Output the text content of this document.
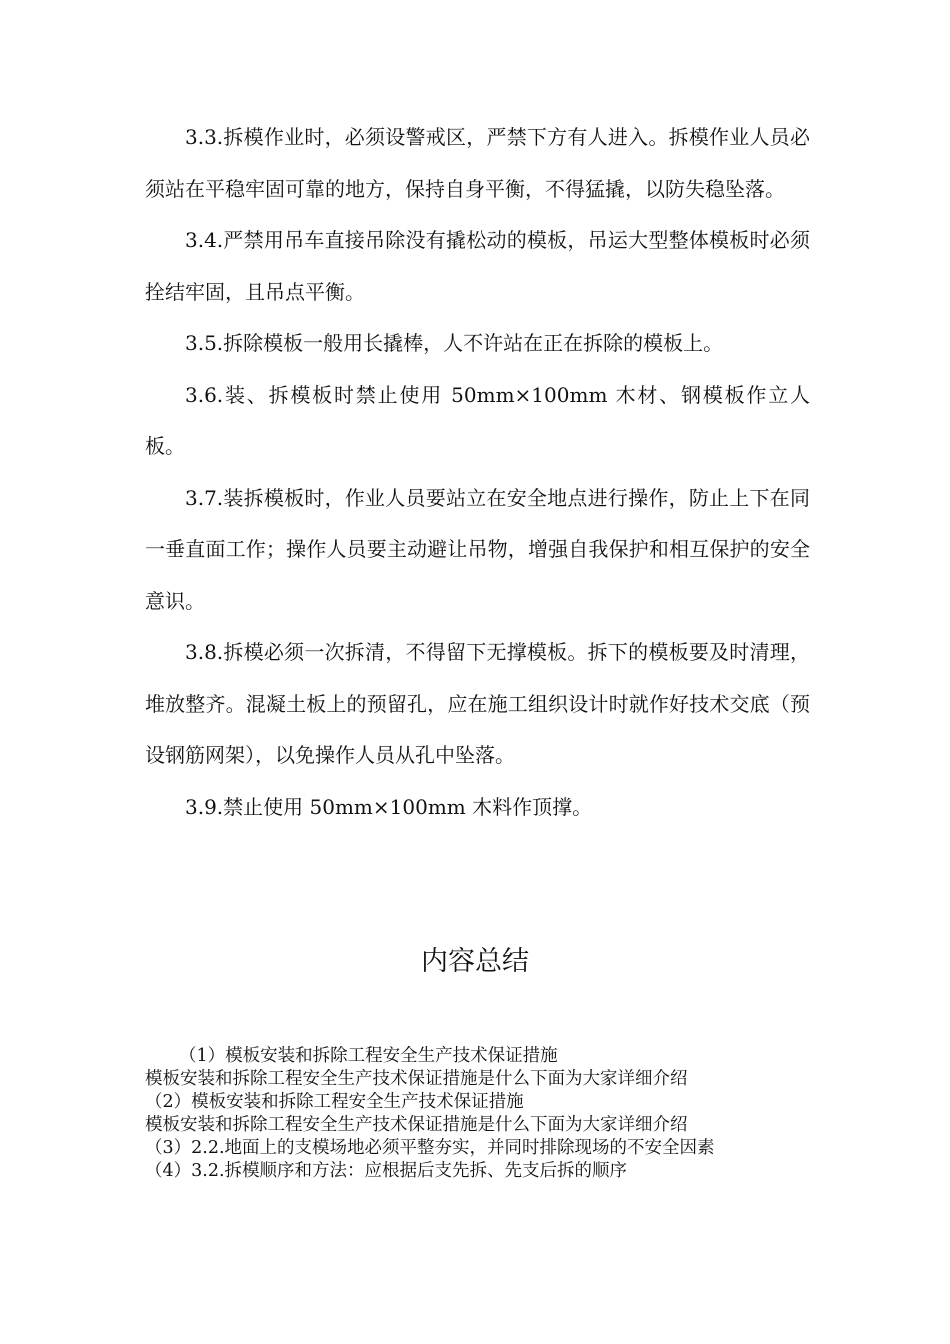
3.3.拆模作业时，必须设警戒区，严禁下方有人进入。拆模作业人员必须站在平稳牢固可靠的地方，保持自身平衡，不得猛撬，以防失稳坠落。

3.4.严禁用吊车直接吊除没有撬松动的模板，吊运大型整体模板时必须拴结牢固，且吊点平衡。

3.5.拆除模板一般用长撬棒，人不许站在正在拆除的模板上。

3.6.装、拆模板时禁止使用 50mm×100mm 木材、钢模板作立人板。

3.7.装拆模板时，作业人员要站立在安全地点进行操作，防止上下在同一垂直面工作；操作人员要主动避让吊物，增强自我保护和相互保护的安全意识。

3.8.拆模必须一次拆清，不得留下无撑模板。拆下的模板要及时清理，堆放整齐。混凝土板上的预留孔，应在施工组织设计时就作好技术交底（预设钢筋网架），以免操作人员从孔中坠落。

3.9.禁止使用 50mm×100mm 木料作顶撑。

内容总结

（1）模板安装和拆除工程安全生产技术保证措施

模板安装和拆除工程安全生产技术保证措施是什么下面为大家详细介绍

（2）模板安装和拆除工程安全生产技术保证措施

模板安装和拆除工程安全生产技术保证措施是什么下面为大家详细介绍

（3）2.2.地面上的支模场地必须平整夯实，并同时排除现场的不安全因素

（4）3.2.拆模顺序和方法：应根据后支先拆、先支后拆的顺序
